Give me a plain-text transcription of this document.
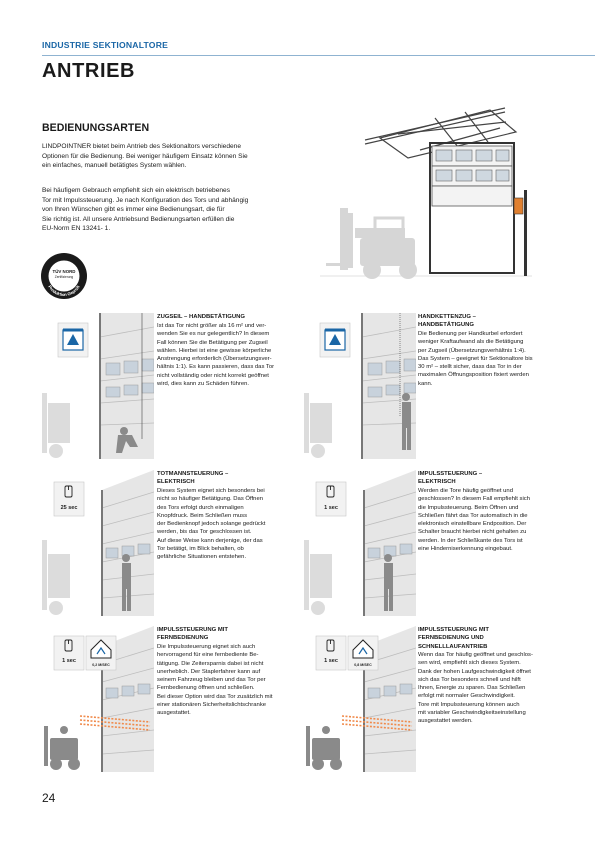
INDUSTRIE SEKTIONALTORE
ANTRIEB
BEDIENUNGSARTEN
LINDPOINTNER bietet beim Antrieb des Sektionaltors verschiedene
Optionen für die Bedienung. Bei weniger häufigem Einsatz können Sie
ein einfaches, manuell betätigtes System wählen.
Bei häufigem Gebrauch empfiehlt sich ein elektrisch betriebenes
Tor mit Impulssteuerung. Je nach Konfiguration des Tors und abhängig
von Ihren Wünschen gibt es immer eine Bedienungsart, die für
Sie richtig ist. All unsere Antriebsund Bedienungsarten erfüllen die
EU-Norm EN 13241- 1.
TÜV NORD
Zertifizierung
Produktion Geprüft
ZUGSEIL – HANDBETÄTIGUNG
Ist das Tor nicht größer als 16 m² und ver-
wenden Sie es nur gelegentlich? In diesem
Fall können Sie die Betätigung per Zugseil
wählen. Hierbei ist eine gewisse körperliche
Anstrengung erforderlich (Übersetzungsver-
hältnis 1:1). Es kann passieren, dass das Tor
nicht vollständig oder nicht korrekt geöffnet
wird, dies kann zu Schäden führen.
HANDKETTENZUG –
HANDBETÄTIGUNG
Die Bedienung per Handkurbel erfordert
weniger Kraftaufwand als die Betätigung
per Zugseil (Übersetzungsverhältnis 1:4).
Das System – geeignet für Sektionaltore bis
30 m² – stellt sicher, dass das Tor in der
maximalen Öffnungsposition fixiert werden
kann.
25 sec
TOTMANNSTEUERUNG –
ELEKTRISCH
Dieses System eignet sich besonders bei
nicht so häufiger Betätigung. Das Öffnen
des Tors erfolgt durch einmaligen
Knopfdruck. Beim Schließen muss
der Bedienknopf jedoch solange gedrückt
werden, bis das Tor geschlossen ist.
Auf diese Weise kann derjenige, der das
Tor betätigt, im Blick behalten, ob
gefährliche Situationen entstehen.
1 sec
IMPULSSTEUERUNG –
ELEKTRISCH
Werden die Tore häufig geöffnet und
geschlossen? In diesem Fall empfiehlt sich
die Impulssteuerung. Beim Öffnen und
Schließen fährt das Tor automatisch in die
elektronisch einstellbare Endposition. Der
Schalter braucht hierbei nicht gehalten zu
werden. In der Schließkante des Tors ist
eine Hinderniserkennung eingebaut.
1 sec
0,2 M/SEC
IMPULSSTEUERUNG MIT
FERNBEDIENUNG
Die Impulssteuerung eignet sich auch
hervorragend für eine fernbediente Be-
tätigung. Die Zeitersparnis dabei ist nicht
unerheblich. Der Staplerfahrer kann auf
seinem Fahrzeug bleiben und das Tor per
Fernbedienung öffnen und schließen.
Bei dieser Option wird das Tor zusätzlich mit
einer stationären Sicherheitslichtschranke
ausgestattet.
1 sec
0,8 M/SEC
IMPULSSTEUERUNG MIT
FERNBEDIENUNG UND
SCHNELLLAUFANTRIEB
Wenn das Tor häufig geöffnet und geschlos-
sen wird, empfiehlt sich dieses System.
Dank der hohen Laufgeschwindigkeit öffnet
sich das Tor besonders schnell und hilft
Ihnen, Energie zu sparen. Das Schließen
erfolgt mit normaler Geschwindigkeit.
Tore mit Impulssteuerung können auch
mit variabler Geschwindigkeitseinstellung
ausgestattet werden.
24
